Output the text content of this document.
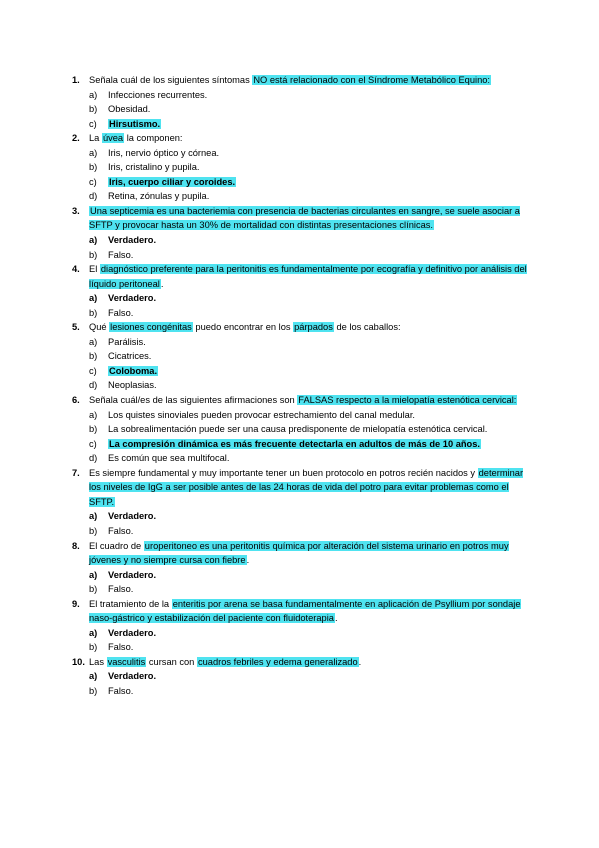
1. Señala cuál de los siguientes síntomas NO está relacionado con el Síndrome Metabólico Equino:
a) Infecciones recurrentes.
b) Obesidad.
c) Hirsutismo.
2. La úvea la componen:
a) Iris, nervio óptico y córnea.
b) Iris, cristalino y pupila.
c) Iris, cuerpo ciliar y coroides.
d) Retina, zónulas y pupila.
3. Una septicemia es una bacteriemia con presencia de bacterias circulantes en sangre, se suele asociar a SFTP y provocar hasta un 30% de mortalidad con distintas presentaciones clínicas.
a) Verdadero.
b) Falso.
4. El diagnóstico preferente para la peritonitis es fundamentalmente por ecografía y definitivo por análisis del líquido peritoneal.
a) Verdadero.
b) Falso.
5. Qué lesiones congénitas puedo encontrar en los párpados de los caballos:
a) Parálisis.
b) Cicatrices.
c) Coloboma.
d) Neoplasias.
6. Señala cuál/es de las siguientes afirmaciones son FALSAS respecto a la mielopatía estenótica cervical:
a) Los quistes sinoviales pueden provocar estrechamiento del canal medular.
b) La sobrealimentación puede ser una causa predisponente de mielopatía estenótica cervical.
c) La compresión dinámica es más frecuente detectarla en adultos de más de 10 años.
d) Es común que sea multifocal.
7. Es siempre fundamental y muy importante tener un buen protocolo en potros recién nacidos y determinar los niveles de IgG a ser posible antes de las 24 horas de vida del potro para evitar problemas como el SFTP.
a) Verdadero.
b) Falso.
8. El cuadro de uroperitoneo es una peritonitis química por alteración del sistema urinario en potros muy jóvenes y no siempre cursa con fiebre.
a) Verdadero.
b) Falso.
9. El tratamiento de la enteritis por arena se basa fundamentalmente en aplicación de Psyllium por sondaje naso-gástrico y estabilización del paciente con fluidoterapia.
a) Verdadero.
b) Falso.
10. Las vasculitis cursan con cuadros febriles y edema generalizado.
a) Verdadero.
b) Falso.
